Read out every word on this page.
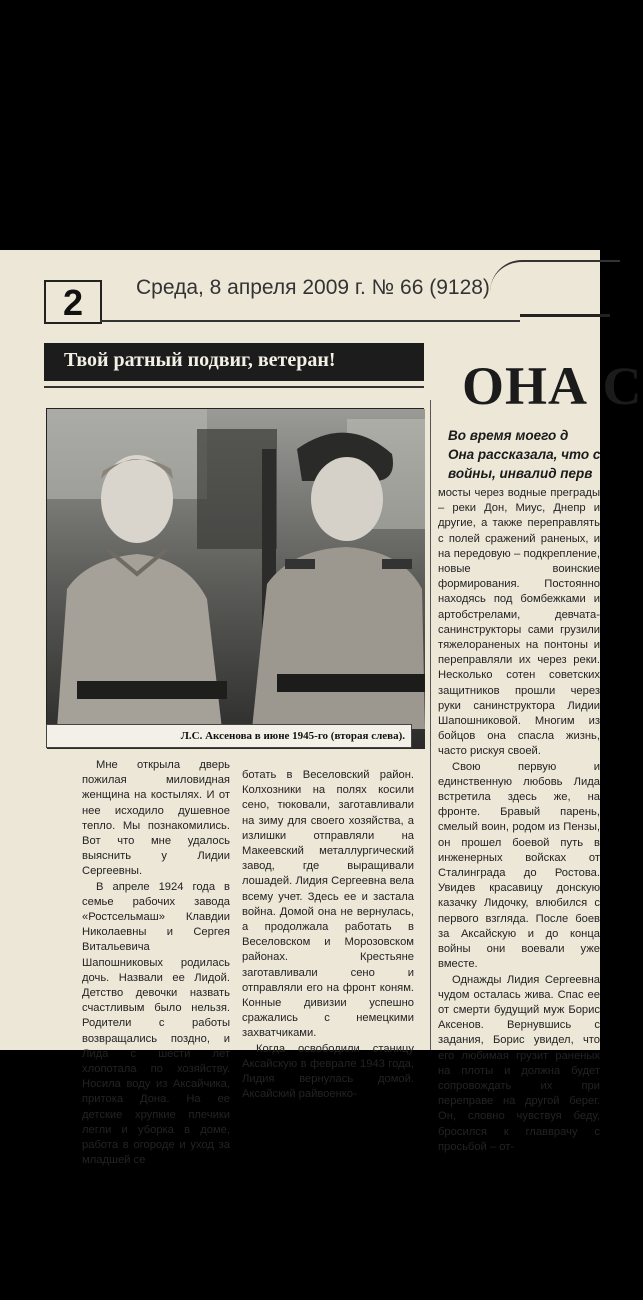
2	Среда, 8 апреля 2009 г. № 66 (9128)
Твой ратный подвиг, ветеран! ОНА С
Л.С. Аксенова в июне 1945-го (вторая слева).
Во время моего д
Она рассказала, что с
войны, инвалид перв

Мне открыла дверь пожилая миловидная женщина на костылях. И от нее исходило душевное тепло. Мы познакомились. Вот что мне удалось выяснить у Лидии Сергеевны.

В апреле 1924 года в семье рабочих завода «Ростсельмаш» Клавдии Николаевны и Сергея Витальевича Шапошниковых родилась дочь. Назвали ее Лидой. Детство девочки назвать счастливым было нельзя. Родители с работы возвращались поздно, и Лида с шести лет хлопотала по хозяйству. Носила воду из Аксайчика, притока Дона. На ее детские хрупкие плечики легли и уборка в доме, работа в огороде и уход за младшей се

ботать в Веселовский район. Колхозники на полях косили сено, тюковали, заготавливали на зиму для своего хозяйства, а излишки отправляли на Макеевский металлургический завод, где выращивали лошадей. Лидия Сергеевна вела всему учет. Здесь ее и застала война. Домой она не вернулась, а продолжала работать в Веселовском и Морозовском районах. Крестьяне заготавливали сено и отправляли его на фронт коням. Конные дивизии успешно сражались с немецкими захватчиками.

Когда освободили станицу Аксайскую в феврале 1943 года, Лидия вернулась домой. Аксайский райвоенко-

мосты через водные преграды – реки Дон, Миус, Днепр и другие, а также переправлять с полей сражений раненых, и на передовую – подкрепление, новые воинские формирования. Постоянно находясь под бомбежками и артобстрелами, девчата-санинструкторы сами грузили тяжелораненых на понтоны и переправляли их через реки. Несколько сотен советских защитников прошли через руки санинструктора Лидии Шапошниковой. Многим из бойцов она спасла жизнь, часто рискуя своей.

Свою первую и единственную любовь Лида встретила здесь же, на фронте. Бравый парень, смелый воин, родом из Пензы, он прошел боевой путь в инженерных войсках от Сталинграда до Ростова. Увидев красавицу донскую казачку Лидочку, влюбился с первого взгляда. После боев за Аксайскую и до конца войны они воевали уже вместе.

Однажды Лидия Сергеевна чудом осталась жива. Спас ее от смерти будущий муж Борис Аксенов. Вернувшись с задания, Борис увидел, что его любимая грузит раненых на плоты и должна будет сопровождать их при переправе на другой берег. Он, словно чувствуя беду, бросился к главврачу с просьбой – от-
